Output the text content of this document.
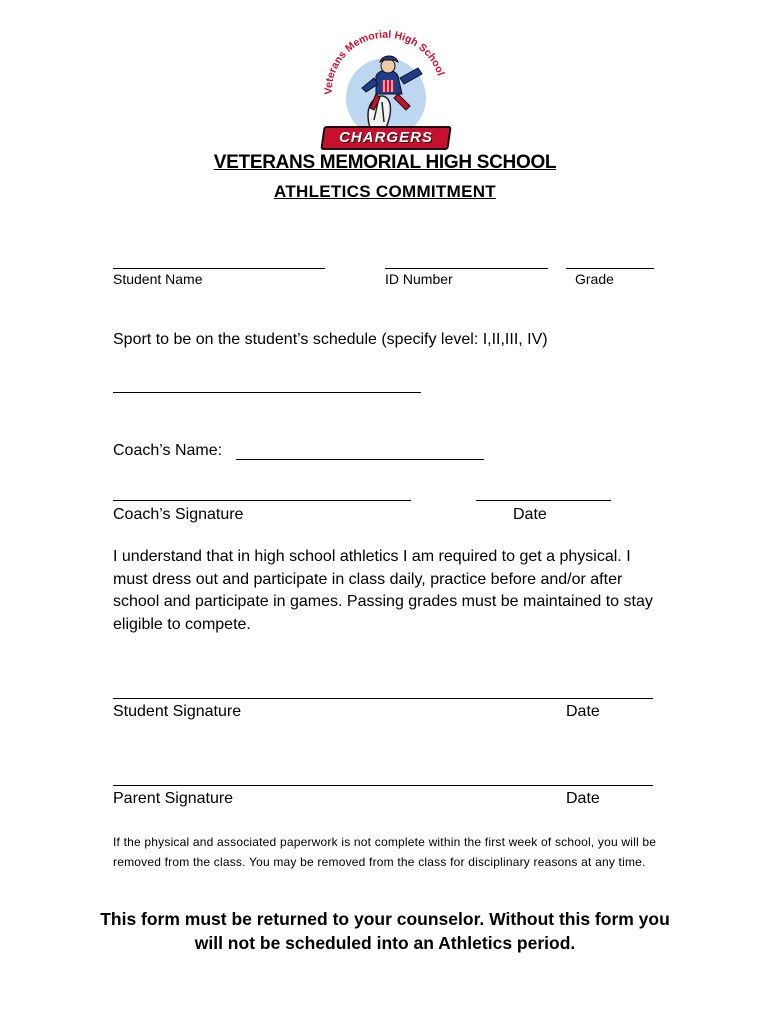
Veterans Memorial High School
CHARGERS
VETERANS MEMORIAL HIGH SCHOOL
ATHLETICS COMMITMENT
Student Name	ID Number	Grade
Sport to be on the student’s schedule (specify level: I,II,III, IV)
Coach’s Name:
Coach’s Signature	Date
I understand that in high school athletics I am required to get a physical. I must dress out and participate in class daily, practice before and/or after school and participate in games. Passing grades must be maintained to stay eligible to compete.
Student Signature	Date
Parent Signature	Date
If the physical and associated paperwork is not complete within the first week of school, you will be removed from the class. You may be removed from the class for disciplinary reasons at any time.
This form must be returned to your counselor. Without this form you will not be scheduled into an Athletics period.
